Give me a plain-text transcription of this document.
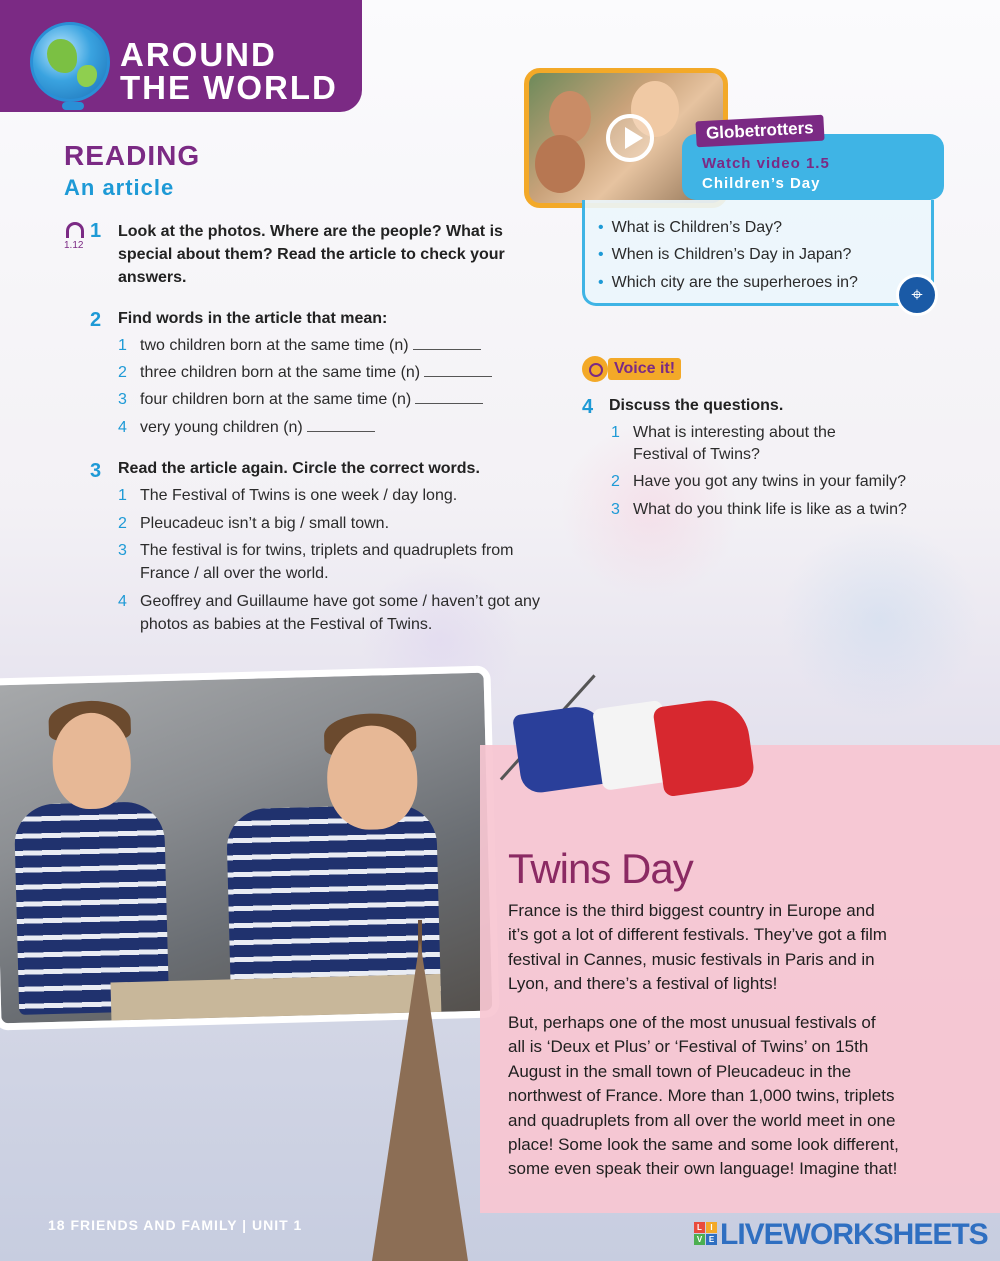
AROUND
THE WORLD
READING
An article
1.12
1 Look at the photos. Where are the people? What is
special about them? Read the article to check your
answers.
2 Find words in the article that mean:
1 two children born at the same time (n)
2 three children born at the same time (n)
3 four children born at the same time (n)
4 very young children (n)
3 Read the article again. Circle the correct words.
1 The Festival of Twins is one week / day long.
2 Pleucadeuc isn’t a big / small town.
3 The festival is for twins, triplets and quadruplets from
France / all over the world.
4 Geoffrey and Guillaume have got some / haven’t got any
photos as babies at the Festival of Twins.
Globetrotters
Watch video 1.5
Children’s Day
• What is Children’s Day?
• When is Children’s Day in Japan?
• Which city are the superheroes in?
⌖
Voice it!
4 Discuss the questions.
1 What is interesting about the
Festival of Twins?
2 Have you got any twins in your family?
3 What do you think life is like as a twin?
Twins Day
France is the third biggest country in Europe and
it’s got a lot of different festivals. They’ve got a film
festival in Cannes, music festivals in Paris and in
Lyon, and there’s a festival of lights!
But, perhaps one of the most unusual festivals of
all is ‘Deux et Plus’ or ‘Festival of Twins’ on 15th
August in the small town of Pleucadeuc in the
northwest of France. More than 1,000 twins, triplets
and quadruplets from all over the world meet in one
place! Some look the same and some look different,
some even speak their own language! Imagine that!
18 FRIENDS AND FAMILY | UNIT 1	L	I
V E LIVEWORKSHEETS
